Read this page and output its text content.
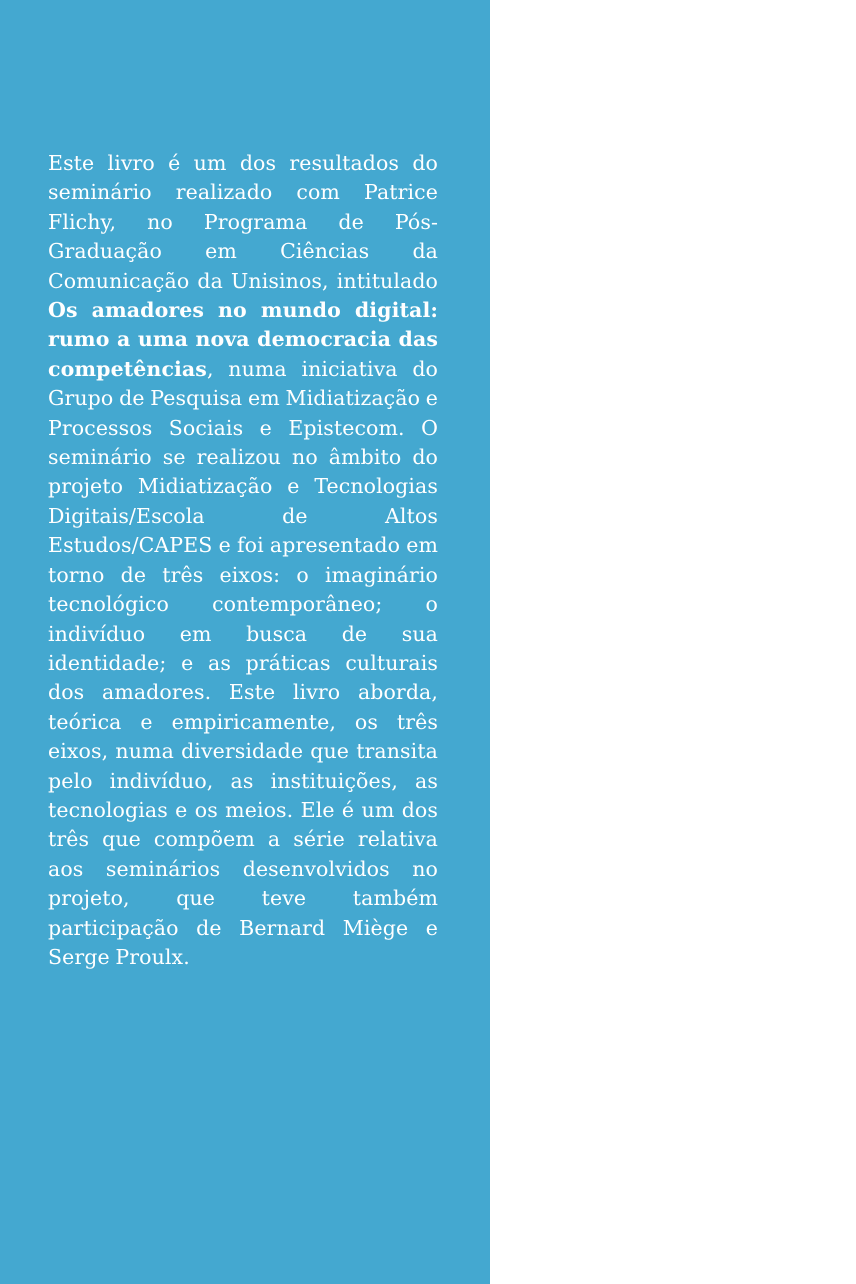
Este livro é um dos resultados do seminário realizado com Patrice Flichy, no Programa de Pós-Graduação em Ciências da Comunicação da Unisinos, intitulado Os amadores no mundo digital: rumo a uma nova democracia das competências, numa iniciativa do Grupo de Pesquisa em Midiatização e Processos Sociais e Epistecom. O seminário se realizou no âmbito do projeto Midiatização e Tecnologias Digitais/Escola de Altos Estudos/CAPES e foi apresentado em torno de três eixos: o imaginário tecnológico contemporâneo; o indivíduo em busca de sua identidade; e as práticas culturais dos amadores. Este livro aborda, teórica e empiricamente, os três eixos, numa diversidade que transita pelo indivíduo, as instituições, as tecnologias e os meios. Ele é um dos três que compõem a série relativa aos seminários desenvolvidos no projeto, que teve também participação de Bernard Miège e Serge Proulx.
